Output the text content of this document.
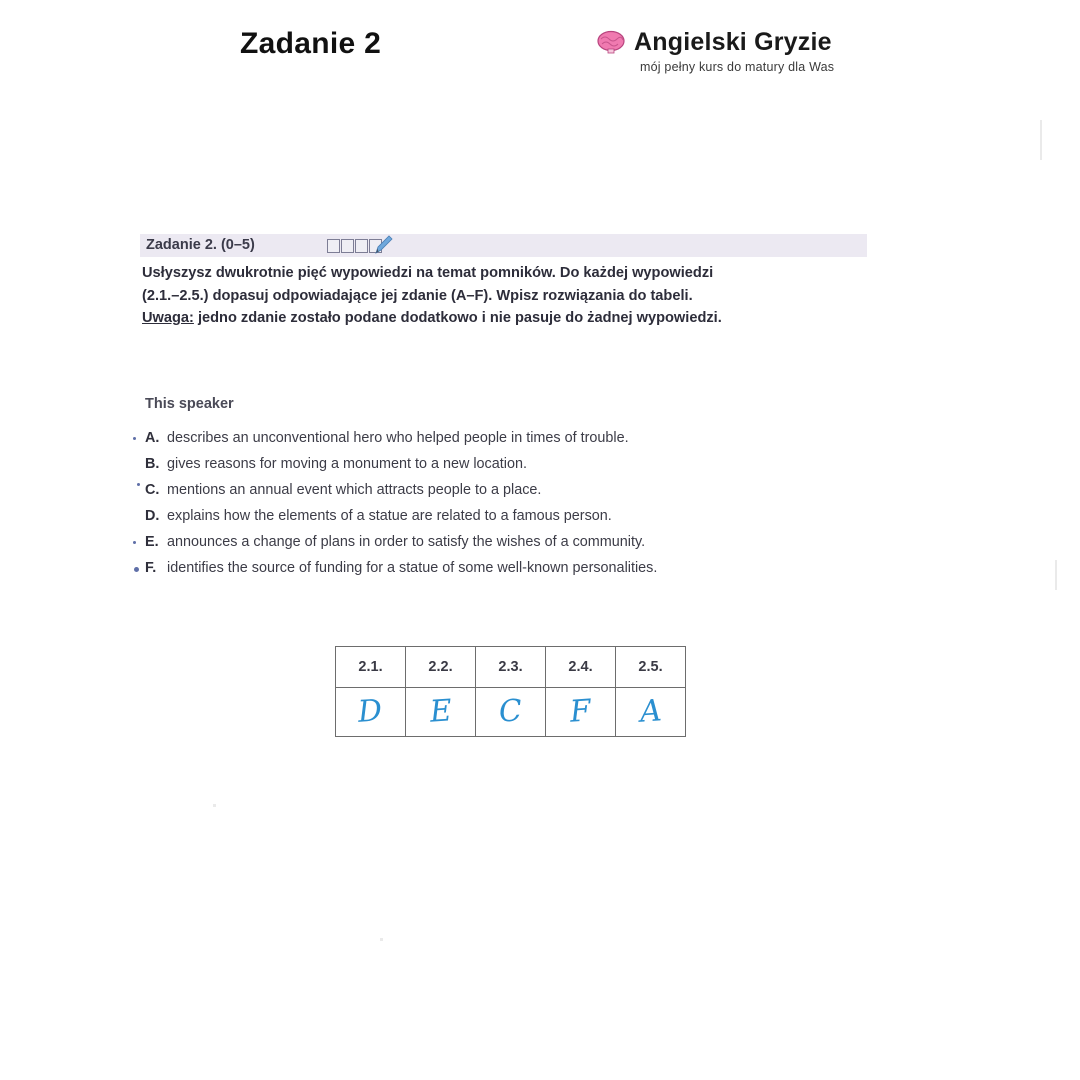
Zadanie 2	Angielski Gryzie
mój pełny kurs do matury dla Was
Zadanie 2. (0–5)
Usłyszysz dwukrotnie pięć wypowiedzi na temat pomników. Do każdej wypowiedzi
(2.1.–2.5.) dopasuj odpowiadające jej zdanie (A–F). Wpisz rozwiązania do tabeli.
Uwaga: jedno zdanie zostało podane dodatkowo i nie pasuje do żadnej wypowiedzi.
This speaker
A. describes an unconventional hero who helped people in times of trouble.
B. gives reasons for moving a monument to a new location.
C. mentions an annual event which attracts people to a place.
D. explains how the elements of a statue are related to a famous person.
E. announces a change of plans in order to satisfy the wishes of a community.
F. identifies the source of funding for a statue of some well-known personalities.
2.1.	2.2.	2.3.	2.4.	2.5.
D	E	C	F	A
